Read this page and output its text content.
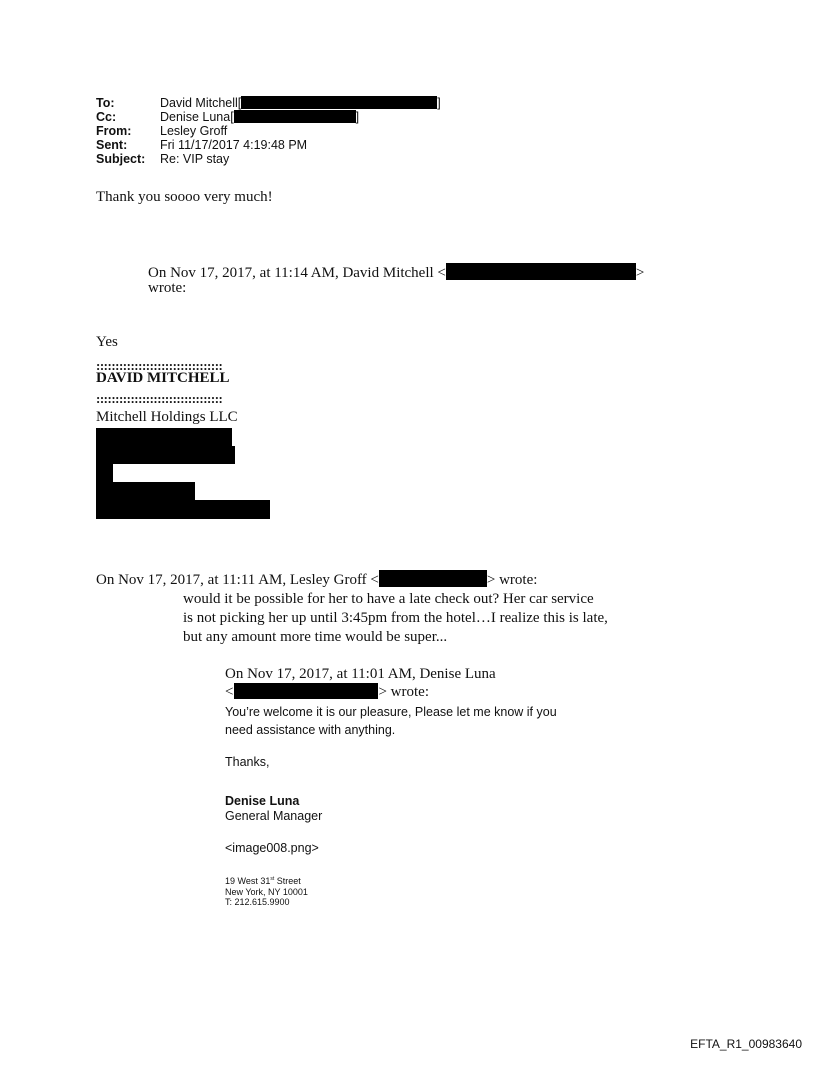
To:	David Mitchell[	]
Cc:	Denise Luna[	]
From: Lesley Groff
Sent:	Fri 11/17/2017 4:19:48 PM
Subject: Re: VIP stay
Thank you soooo very much!
On Nov 17, 2017, at 11:14 AM, David Mitchell <	>
wrote:
Yes
:::::::::::::::::::::::::::::::::
DAVID MITCHELL
:::::::::::::::::::::::::::::::::
Mitchell Holdings LLC
On Nov 17, 2017, at 11:11 AM, Lesley Groff <	> wrote:
would it be possible for her to have a late check out? Her car service
is not picking her up until 3:45pm from the hotel…I realize this is late,
but any amount more time would be super...
On Nov 17, 2017, at 11:01 AM, Denise Luna
<	> wrote:
You’re welcome it is our pleasure, Please let me know if you
need assistance with anything.
Thanks,
Denise Luna
General Manager
<image008.png>
19 West 31st Street
New York, NY 10001
T: 212.615.9900
EFTA_R1_00983640
